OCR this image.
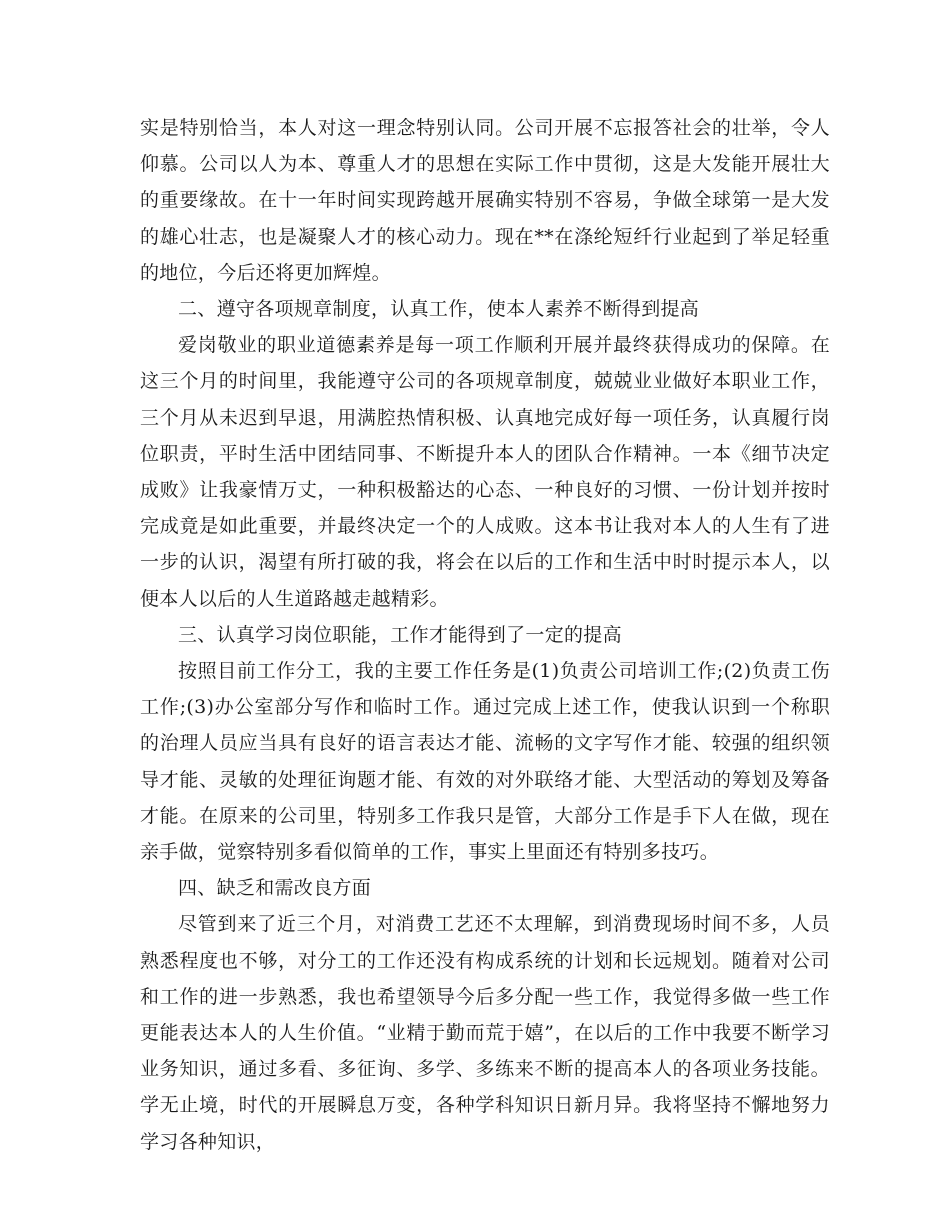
实是特别恰当，本人对这一理念特别认同。公司开展不忘报答社会的壮举，令人仰慕。公司以人为本、尊重人才的思想在实际工作中贯彻，这是大发能开展壮大的重要缘故。在十一年时间实现跨越开展确实特别不容易，争做全球第一是大发的雄心壮志，也是凝聚人才的核心动力。现在**在涤纶短纤行业起到了举足轻重的地位，今后还将更加辉煌。

二、遵守各项规章制度，认真工作，使本人素养不断得到提高

爱岗敬业的职业道德素养是每一项工作顺利开展并最终获得成功的保障。在这三个月的时间里，我能遵守公司的各项规章制度，兢兢业业做好本职业工作，三个月从未迟到早退，用满腔热情积极、认真地完成好每一项任务，认真履行岗位职责，平时生活中团结同事、不断提升本人的团队合作精神。一本《细节决定成败》让我豪情万丈，一种积极豁达的心态、一种良好的习惯、一份计划并按时完成竟是如此重要，并最终决定一个的人成败。这本书让我对本人的人生有了进一步的认识，渴望有所打破的我，将会在以后的工作和生活中时时提示本人，以便本人以后的人生道路越走越精彩。

三、认真学习岗位职能，工作才能得到了一定的提高

按照目前工作分工，我的主要工作任务是(1)负责公司培训工作;(2)负责工伤工作;(3)办公室部分写作和临时工作。通过完成上述工作，使我认识到一个称职的治理人员应当具有良好的语言表达才能、流畅的文字写作才能、较强的组织领导才能、灵敏的处理征询题才能、有效的对外联络才能、大型活动的筹划及筹备才能。在原来的公司里，特别多工作我只是管，大部分工作是手下人在做，现在亲手做，觉察特别多看似简单的工作，事实上里面还有特别多技巧。

四、缺乏和需改良方面

尽管到来了近三个月，对消费工艺还不太理解，到消费现场时间不多，人员熟悉程度也不够，对分工的工作还没有构成系统的计划和长远规划。随着对公司和工作的进一步熟悉，我也希望领导今后多分配一些工作，我觉得多做一些工作更能表达本人的人生价值。“业精于勤而荒于嬉”，在以后的工作中我要不断学习业务知识，通过多看、多征询、多学、多练来不断的提高本人的各项业务技能。学无止境，时代的开展瞬息万变，各种学科知识日新月异。我将坚持不懈地努力学习各种知识，
